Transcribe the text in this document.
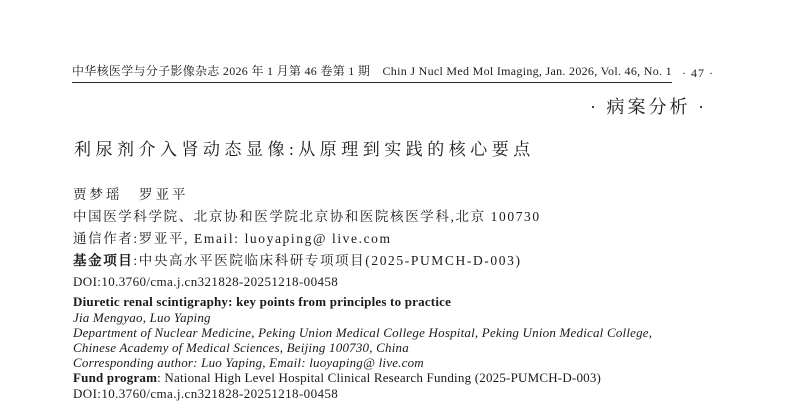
中华核医学与分子影像杂志 2026 年 1 月第 46 卷第 1 期　Chin J Nucl Med Mol Imaging, Jan. 2026, Vol. 46, No. 1 · 47 ·
· 病案分析 ·
利尿剂介入肾动态显像:从原理到实践的核心要点
贾梦瑶　罗亚平
中国医学科学院、北京协和医学院北京协和医院核医学科,北京 100730
通信作者:罗亚平, Email: luoyaping@ live.com
基金项目:中央高水平医院临床科研专项项目(2025-PUMCH-D-003)
DOI:10.3760/cma.j.cn321828-20251218-00458
Diuretic renal scintigraphy: key points from principles to practice
Jia Mengyao, Luo Yaping
Department of Nuclear Medicine, Peking Union Medical College Hospital, Peking Union Medical College,
Chinese Academy of Medical Sciences, Beijing 100730, China
Corresponding author: Luo Yaping, Email: luoyaping@ live.com
Fund program: National High Level Hospital Clinical Research Funding (2025-PUMCH-D-003)
DOI:10.3760/cma.j.cn321828-20251218-00458
